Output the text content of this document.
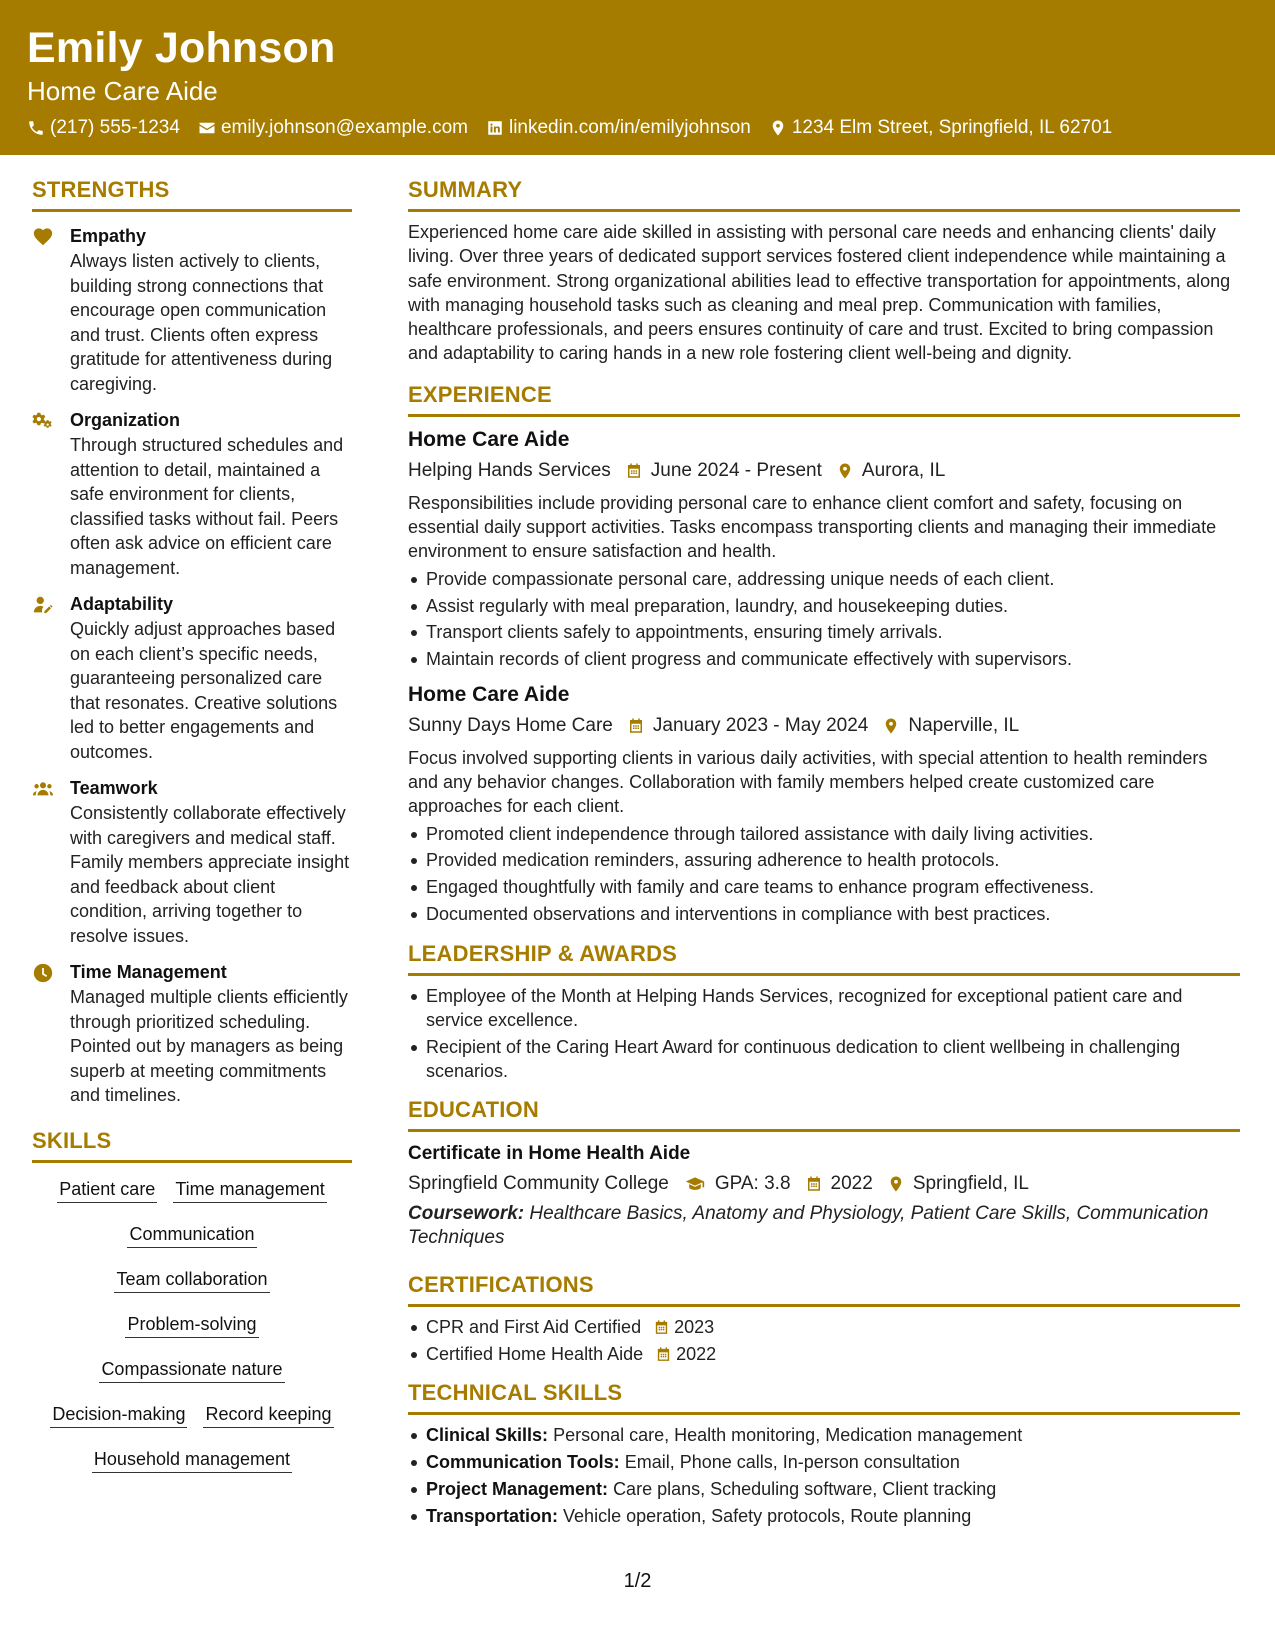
Emily Johnson
Home Care Aide
(217) 555-1234 emily.johnson@example.com linkedin.com/in/emilyjohnson 1234 Elm Street, Springfield, IL 62701
STRENGTHS
Empathy
Always listen actively to clients, building strong connections that encourage open communication and trust. Clients often express gratitude for attentiveness during caregiving.
Organization
Through structured schedules and attention to detail, maintained a safe environment for clients, classified tasks without fail. Peers often ask advice on efficient care management.
Adaptability
Quickly adjust approaches based on each client’s specific needs, guaranteeing personalized care that resonates. Creative solutions led to better engagements and outcomes.
Teamwork
Consistently collaborate effectively with caregivers and medical staff. Family members appreciate insight and feedback about client condition, arriving together to resolve issues.
Time Management
Managed multiple clients efficiently through prioritized scheduling. Pointed out by managers as being superb at meeting commitments and timelines.
SKILLS
Patient care Time management
Communication
Team collaboration
Problem-solving
Compassionate nature
Decision-making Record keeping
Household management
SUMMARY
Experienced home care aide skilled in assisting with personal care needs and enhancing clients' daily living. Over three years of dedicated support services fostered client independence while maintaining a safe environment. Strong organizational abilities lead to effective transportation for appointments, along with managing household tasks such as cleaning and meal prep. Communication with families, healthcare professionals, and peers ensures continuity of care and trust. Excited to bring compassion and adaptability to caring hands in a new role fostering client well-being and dignity.
EXPERIENCE
Home Care Aide
Helping Hands Services June 2024 - Present Aurora, IL
Responsibilities include providing personal care to enhance client comfort and safety, focusing on essential daily support activities. Tasks encompass transporting clients and managing their immediate environment to ensure satisfaction and health.
Provide compassionate personal care, addressing unique needs of each client.
Assist regularly with meal preparation, laundry, and housekeeping duties.
Transport clients safely to appointments, ensuring timely arrivals.
Maintain records of client progress and communicate effectively with supervisors.
Home Care Aide
Sunny Days Home Care January 2023 - May 2024 Naperville, IL
Focus involved supporting clients in various daily activities, with special attention to health reminders and any behavior changes. Collaboration with family members helped create customized care approaches for each client.
Promoted client independence through tailored assistance with daily living activities.
Provided medication reminders, assuring adherence to health protocols.
Engaged thoughtfully with family and care teams to enhance program effectiveness.
Documented observations and interventions in compliance with best practices.
LEADERSHIP & AWARDS
Employee of the Month at Helping Hands Services, recognized for exceptional patient care and service excellence.
Recipient of the Caring Heart Award for continuous dedication to client wellbeing in challenging scenarios.
EDUCATION
Certificate in Home Health Aide
Springfield Community College GPA: 3.8 2022 Springfield, IL
Coursework: Healthcare Basics, Anatomy and Physiology, Patient Care Skills, Communication Techniques
CERTIFICATIONS
CPR and First Aid Certified 2023
Certified Home Health Aide 2022
TECHNICAL SKILLS
Clinical Skills: Personal care, Health monitoring, Medication management
Communication Tools: Email, Phone calls, In-person consultation
Project Management: Care plans, Scheduling software, Client tracking
Transportation: Vehicle operation, Safety protocols, Route planning
1/2
